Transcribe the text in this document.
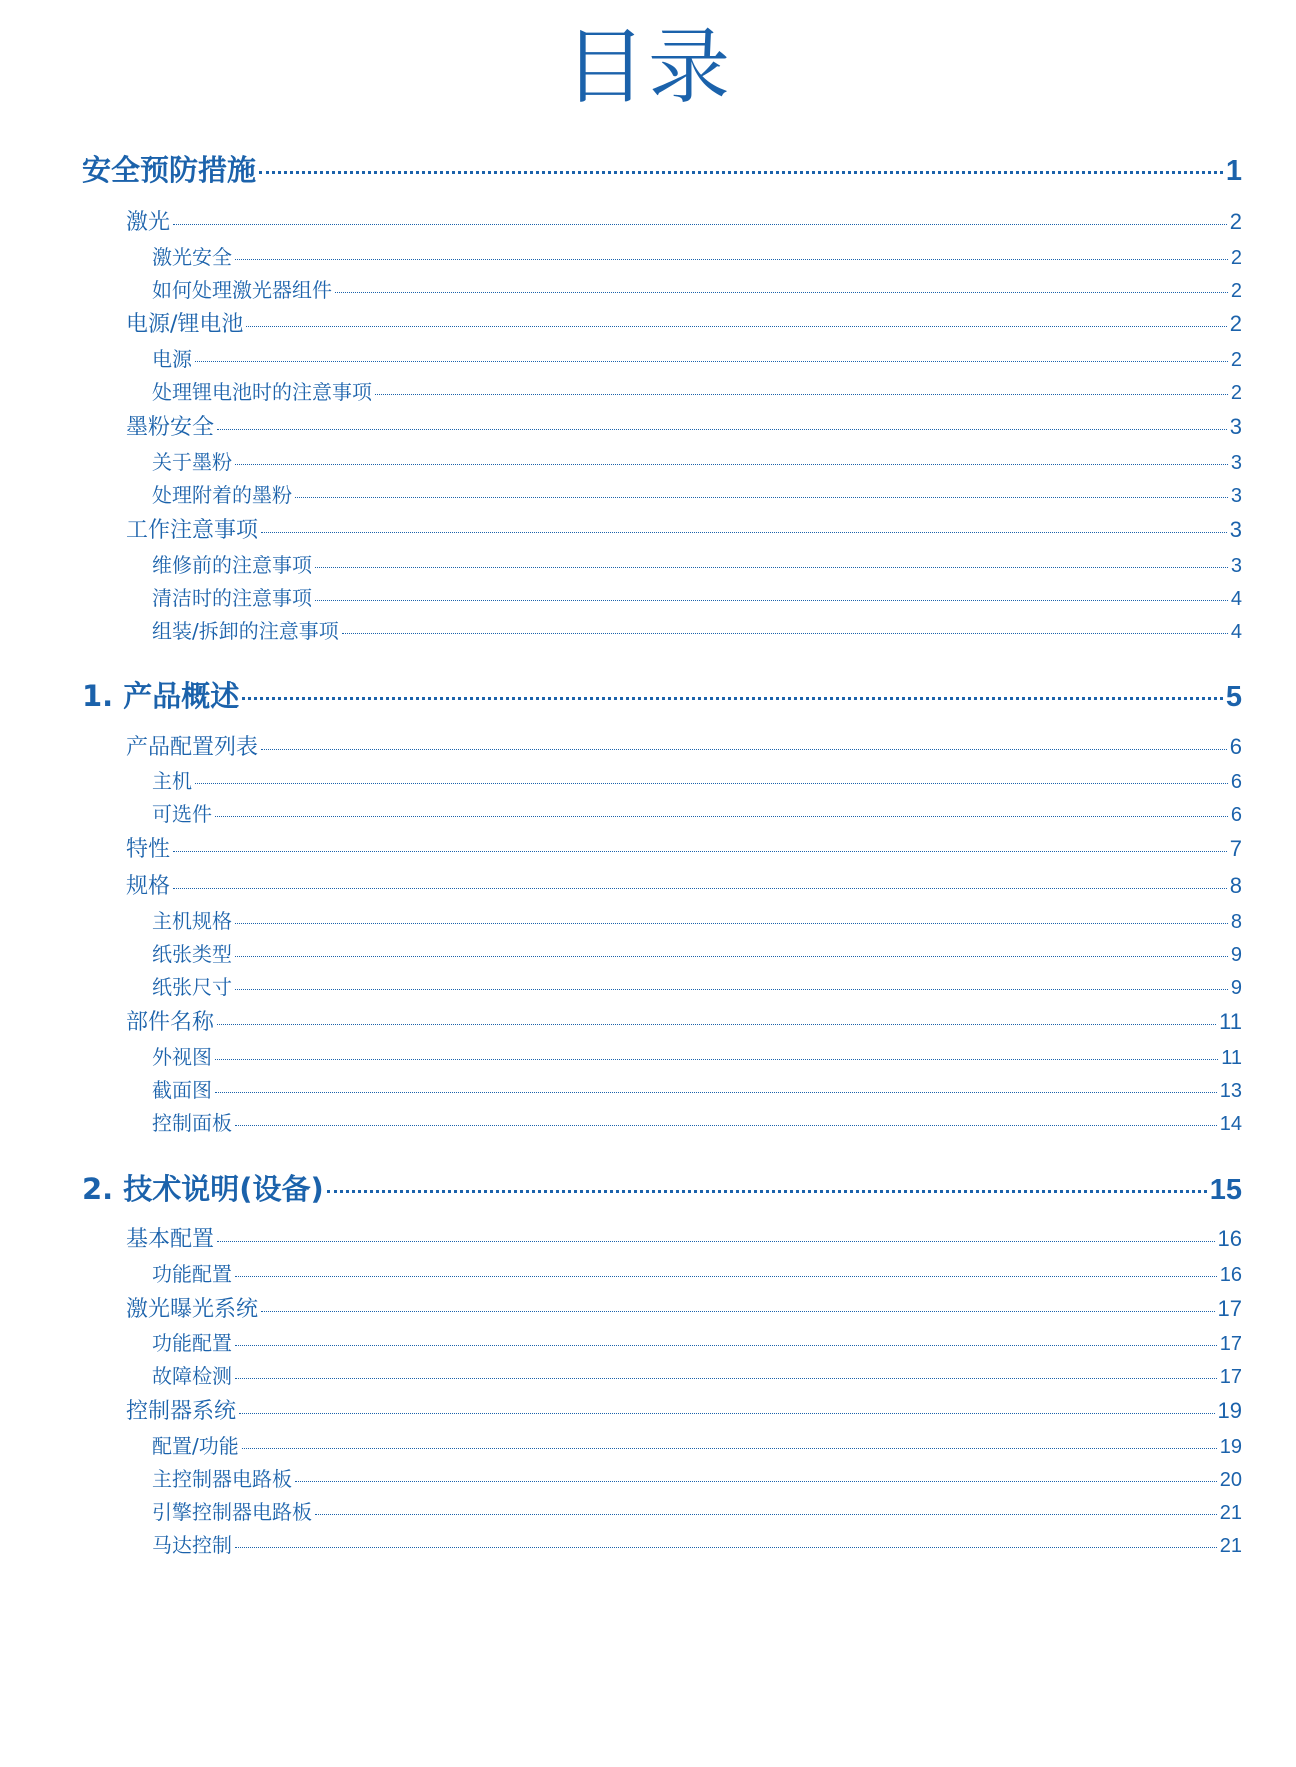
目录
安全预防措施	1
激光	2
激光安全	2
如何处理激光器组件	2
电源/锂电池	2
电源	2
处理锂电池时的注意事项	2
墨粉安全	3
关于墨粉	3
处理附着的墨粉	3
工作注意事项	3
维修前的注意事项	3
清洁时的注意事项	4
组装/拆卸的注意事项	4
1. 产品概述	5
产品配置列表	6
主机	6
可选件	6
特性	7
规格	8
主机规格	8
纸张类型	9
纸张尺寸	9
部件名称	11
外视图	11
截面图	13
控制面板	14
2. 技术说明(设备)	15
基本配置	16
功能配置	16
激光曝光系统	17
功能配置	17
故障检测	17
控制器系统	19
配置/功能	19
主控制器电路板	20
引擎控制器电路板	21
马达控制	21
